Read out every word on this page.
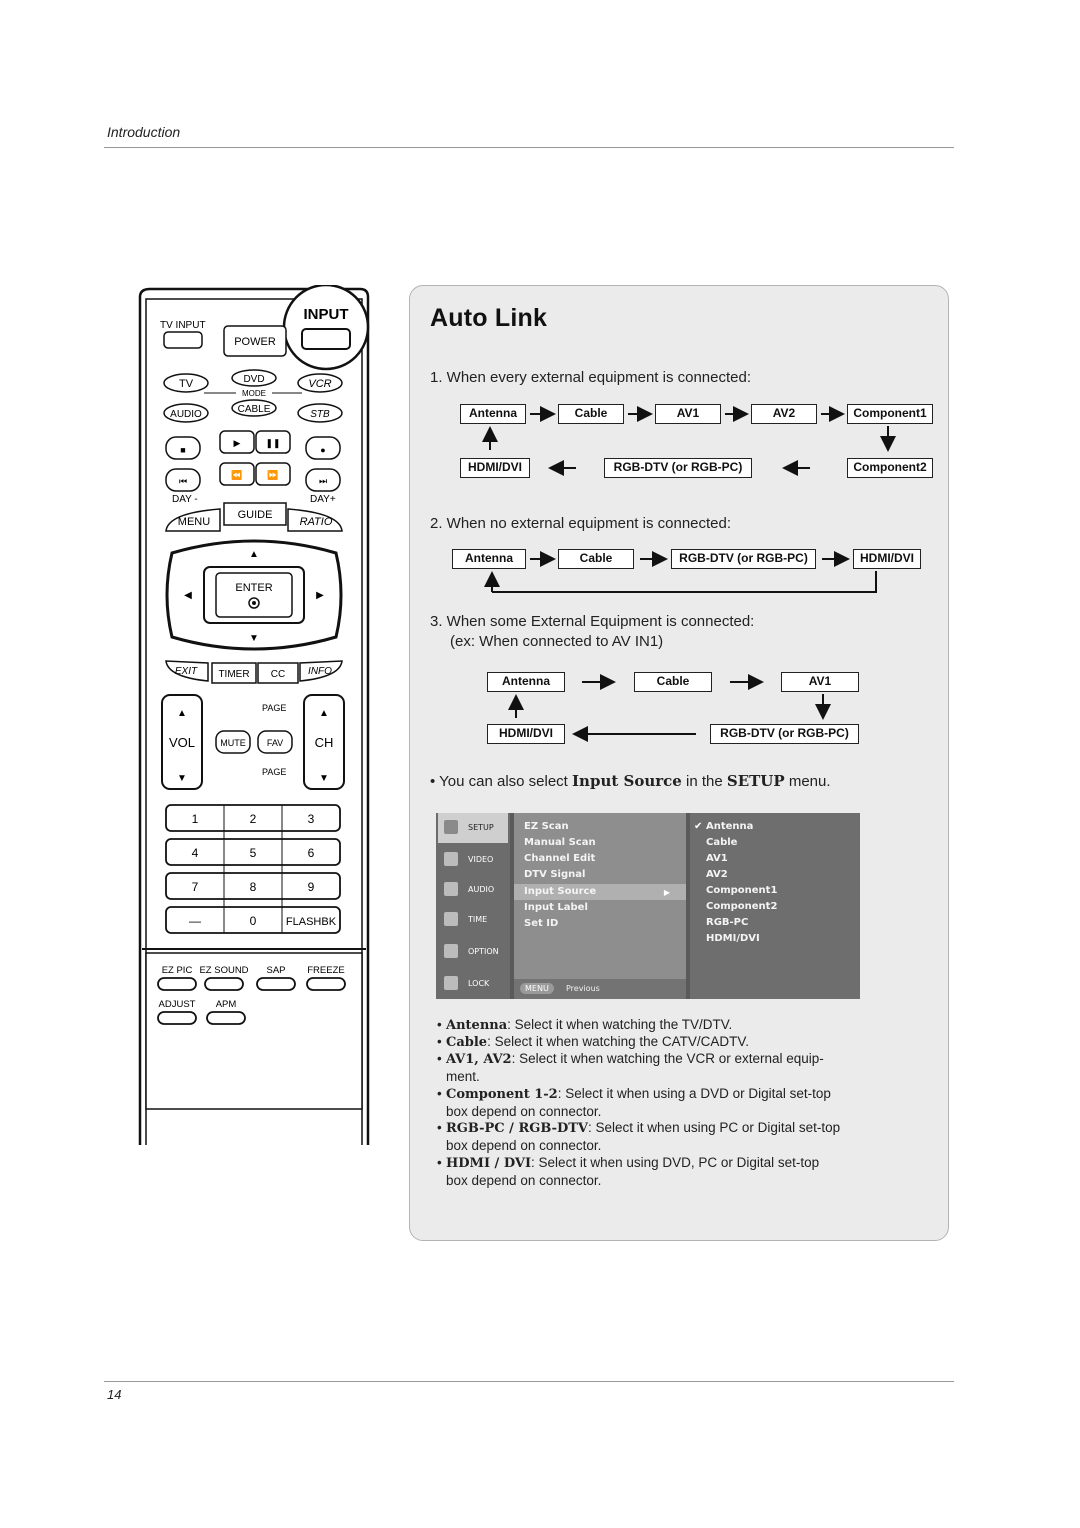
Introduction
INPUT
TV INPUT
POWER
TV	DVD	VCR
MODE
AUDIO	CABLE	STB
■
▶	❚❚
●
⏮
⏪	⏩
⏭
DAY -	DAY+
MENU
GUIDE
RATIO
ENTER
▲
▼
◀	▶
EXIT TIMER CC INFO
▲
VOL
▼
▲
CH
▼
PAGE
PAGE
MUTE FAV
1	2	3
4	5	6
7	8	9
—	0	FLASHBK
EZ PIC EZ SOUND SAP FREEZE
ADJUST APM
Auto Link
1. When every external equipment is connected:
2. When no external equipment is connected:
3. When some External Equipment is connected:
(ex: When connected to AV IN1)
Antenna	Cable	AV1	AV2	Component1
HDMI/DVI	RGB-DTV (or RGB-PC)	Component2
Antenna	Cable	RGB-DTV (or RGB-PC)	HDMI/DVI
Antenna	Cable	AV1
HDMI/DVI	RGB-DTV (or RGB-PC)
• You can also select Input Source in the SETUP menu.
SETUP
VIDEO
AUDIO
TIME
OPTION
LOCK
EZ Scan
Manual Scan
Channel Edit
DTV Signal
Input Source	▶
Input Label
Set ID
MENU	Previous
✔ Antenna
Cable
AV1
AV2
Component1
Component2
RGB-PC
HDMI/DVI
• Antenna: Select it when watching the TV/DTV.
• Cable: Select it when watching the CATV/CADTV.
• AV1, AV2: Select it when watching the VCR or external equip-
ment.
• Component 1-2: Select it when using a DVD or Digital set-top
box depend on connector.
• RGB-PC / RGB-DTV: Select it when using PC or Digital set-top
box depend on connector.
• HDMI / DVI: Select it when using DVD, PC or Digital set-top
box depend on connector.
14
